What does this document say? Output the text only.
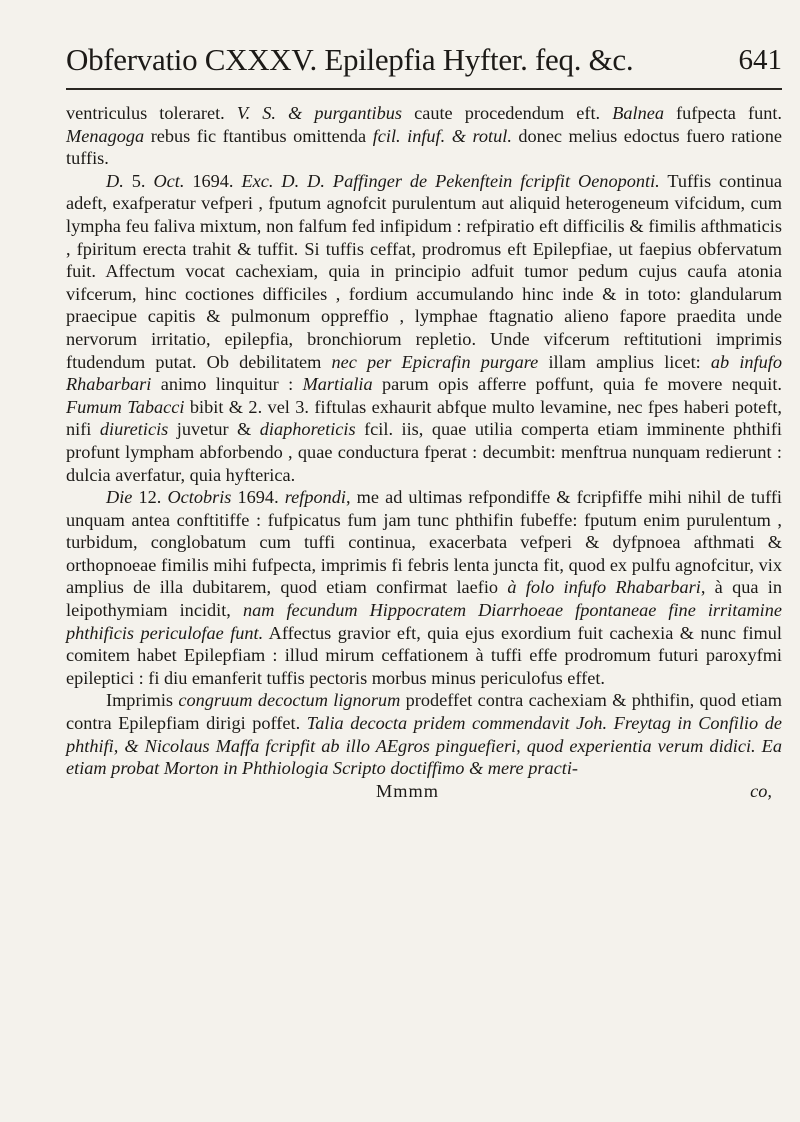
Obfervatio CXXXV. Epilepfia Hyfter. feq. &c.	641

ventriculus toleraret. V. S. & purgantibus caute procedendum eft. Balnea fufpecta funt. Menagoga rebus fic ftantibus omittenda fcil. infuf. & rotul. donec melius edoctus fuero ratione tuffis.

D. 5. Oct. 1694. Exc. D. D. Paffinger de Pekenftein fcripfit Oenoponti. Tuffis continua adeft, exafperatur vefperi , fputum agnofcit purulentum aut aliquid heterogeneum vifcidum, cum lympha feu faliva mixtum, non falfum fed infipidum : refpiratio eft difficilis & fimilis afthmaticis , fpiritum erecta trahit & tuffit. Si tuffis ceffat, prodromus eft Epilepfiae, ut faepius obfervatum fuit. Affectum vocat cachexiam, quia in principio adfuit tumor pedum cujus caufa atonia vifcerum, hinc coctiones difficiles , fordium accumulando hinc inde & in toto: glandularum praecipue capitis & pulmonum oppreffio , lymphae ftagnatio alieno fapore praedita unde nervorum irritatio, epilepfia, bronchiorum repletio. Unde vifcerum reftitutioni imprimis ftudendum putat. Ob debilitatem nec per Epicrafin purgare illam amplius licet: ab infufo Rhabarbari animo linquitur : Martialia parum opis afferre poffunt, quia fe movere nequit. Fumum Tabacci bibit & 2. vel 3. fiftulas exhaurit abfque multo levamine, nec fpes haberi poteft, nifi diureticis juvetur & diaphoreticis fcil. iis, quae utilia comperta etiam imminente phthifi profunt lympham abforbendo , quae conductura fperat : decumbit: menftrua nunquam redierunt : dulcia averfatur, quia hyfterica.

Die 12. Octobris 1694. refpondi, me ad ultimas refpondiffe & fcripfiffe mihi nihil de tuffi unquam antea conftitiffe : fufpicatus fum jam tunc phthifin fubeffe: fputum enim purulentum , turbidum, conglobatum cum tuffi continua, exacerbata vefperi & dyfpnoea afthmati & orthopnoeae fimilis mihi fufpecta, imprimis fi febris lenta juncta fit, quod ex pulfu agnofcitur, vix amplius de illa dubitarem, quod etiam confirmat laefio à folo infufo Rhabarbari, à qua in leipothymiam incidit, nam fecundum Hippocratem Diarrhoeae fpontaneae fine irritamine phthificis periculofae funt. Affectus gravior eft, quia ejus exordium fuit cachexia & nunc fimul comitem habet Epilepfiam : illud mirum ceffationem à tuffi effe prodromum futuri paroxyfmi epileptici : fi diu emanferit tuffis pectoris morbus minus periculofus effet.

Imprimis congruum decoctum lignorum prodeffet contra cachexiam & phthifin, quod etiam contra Epilepfiam dirigi poffet. Talia decocta pridem commendavit Joh. Freytag in Confilio de phthifi, & Nicolaus Maffa fcripfit ab illo AEgros pinguefieri, quod experientia verum didici. Ea etiam probat Morton in Phthiologia Scripto doctiffimo & mere practi-

Mmmm	co,
